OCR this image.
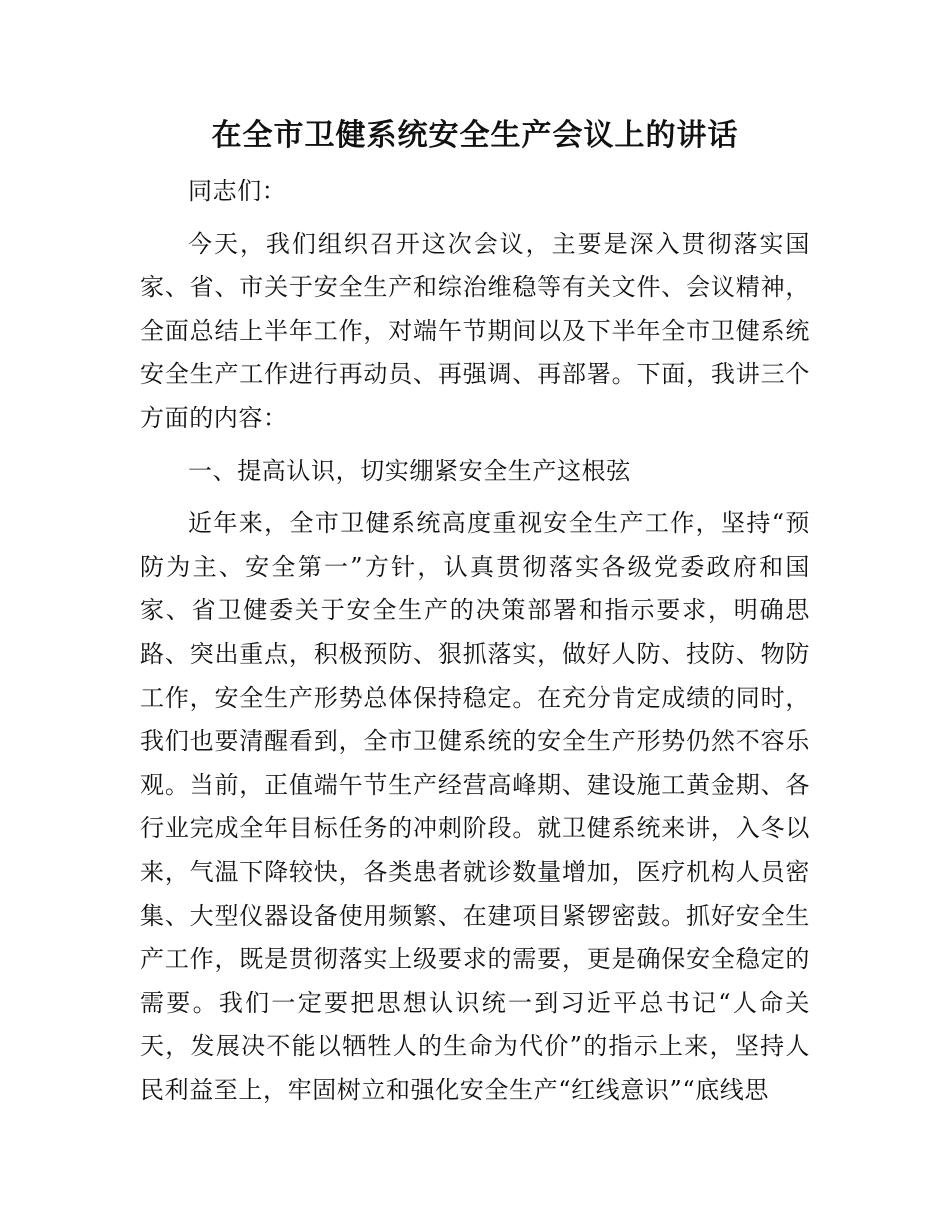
在全市卫健系统安全生产会议上的讲话

同志们：

今天，我们组织召开这次会议，主要是深入贯彻落实国家、省、市关于安全生产和综治维稳等有关文件、会议精神，全面总结上半年工作，对端午节期间以及下半年全市卫健系统安全生产工作进行再动员、再强调、再部署。下面，我讲三个方面的内容：

一、提高认识，切实绷紧安全生产这根弦

近年来，全市卫健系统高度重视安全生产工作，坚持“预防为主、安全第一”方针，认真贯彻落实各级党委政府和国家、省卫健委关于安全生产的决策部署和指示要求，明确思路、突出重点，积极预防、狠抓落实，做好人防、技防、物防工作，安全生产形势总体保持稳定。在充分肯定成绩的同时，我们也要清醒看到，全市卫健系统的安全生产形势仍然不容乐观。当前，正值端午节生产经营高峰期、建设施工黄金期、各行业完成全年目标任务的冲刺阶段。就卫健系统来讲，入冬以来，气温下降较快，各类患者就诊数量增加，医疗机构人员密集、大型仪器设备使用频繁、在建项目紧锣密鼓。抓好安全生产工作，既是贯彻落实上级要求的需要，更是确保安全稳定的需要。我们一定要把思想认识统一到习近平总书记“人命关天，发展决不能以牺牲人的生命为代价”的指示上来，坚持人民利益至上，牢固树立和强化安全生产“红线意识”“底线思
